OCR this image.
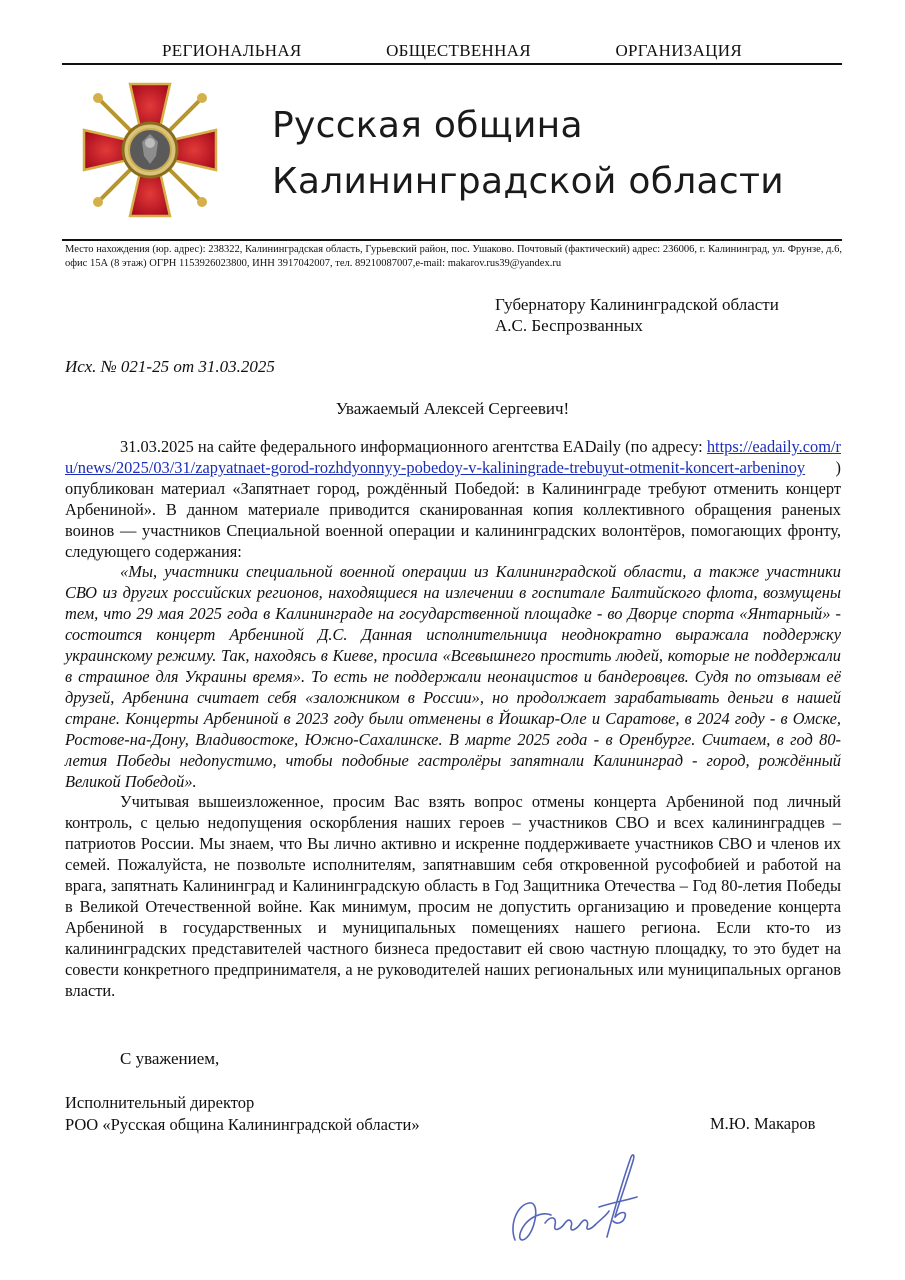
РЕГИОНАЛЬНАЯ	ОБЩЕСТВЕННАЯ	ОРГАНИЗАЦИЯ
Русская община
Калининградской области
Место нахождения (юр. адрес): 238322, Калининградская область, Гурьевский район, пос. Ушаково. Почтовый (фактический) адрес: 236006, г. Калининград, ул. Фрунзе, д.6, офис 15А (8 этаж) ОГРН 1153926023800, ИНН 3917042007, тел. 89210087007,e-mail: makarov.rus39@yandex.ru
Губернатору Калининградской области
А.С. Беспрозванных
Исх. № 021-25 от 31.03.2025
Уважаемый Алексей Сергеевич!

31.03.2025 на сайте федерального информационного агентства EADaily (по адресу: https://eadaily.com/ru/news/2025/03/31/zapyatnaet-gorod-rozhdyonnyy-pobedoy-v-kaliningrade-trebuyut-otmenit-koncert-arbeninoy ) опубликован материал «Запятнает город, рождённый Победой: в Калининграде требуют отменить концерт Арбениной». В данном материале приводится сканированная копия коллективного обращения раненых воинов — участников Специальной военной операции и калининградских волонтёров, помогающих фронту, следующего содержания:

«Мы, участники специальной военной операции из Калининградской области, а также участники СВО из других российских регионов, находящиеся на излечении в госпитале Балтийского флота, возмущены тем, что 29 мая 2025 года в Калининграде на государственной площадке - во Дворце спорта «Янтарный» - состоится концерт Арбениной Д.С. Данная исполнительница неоднократно выражала поддержку украинскому режиму. Так, находясь в Киеве, просила «Всевышнего простить людей, которые не поддержали в страшное для Украины время». То есть не поддержали неонацистов и бандеровцев. Судя по отзывам её друзей, Арбенина считает себя «заложником в России», но продолжает зарабатывать деньги в нашей стране. Концерты Арбениной в 2023 году были отменены в Йошкар-Оле и Саратове, в 2024 году - в Омске, Ростове-на-Дону, Владивостоке, Южно-Сахалинске. В марте 2025 года - в Оренбурге. Считаем, в год 80-летия Победы недопустимо, чтобы подобные гастролёры запятнали Калининград - город, рождённый Великой Победой».

Учитывая вышеизложенное, просим Вас взять вопрос отмены концерта Арбениной под личный контроль, с целью недопущения оскорбления наших героев – участников СВО и всех калининградцев – патриотов России. Мы знаем, что Вы лично активно и искренне поддерживаете участников СВО и членов их семей. Пожалуйста, не позвольте исполнителям, запятнавшим себя откровенной русофобией и работой на врага, запятнать Калининград и Калининградскую область в Год Защитника Отечества – Год 80-летия Победы в Великой Отечественной войне. Как минимум, просим не допустить организацию и проведение концерта Арбениной в государственных и муниципальных помещениях нашего региона. Если кто-то из калининградских представителей частного бизнеса предоставит ей свою частную площадку, то это будет на совести конкретного предпринимателя, а не руководителей наших региональных или муниципальных органов власти.

С уважением,
Исполнительный директор
РОО «Русская община Калининградской области»	М.Ю. Макаров
